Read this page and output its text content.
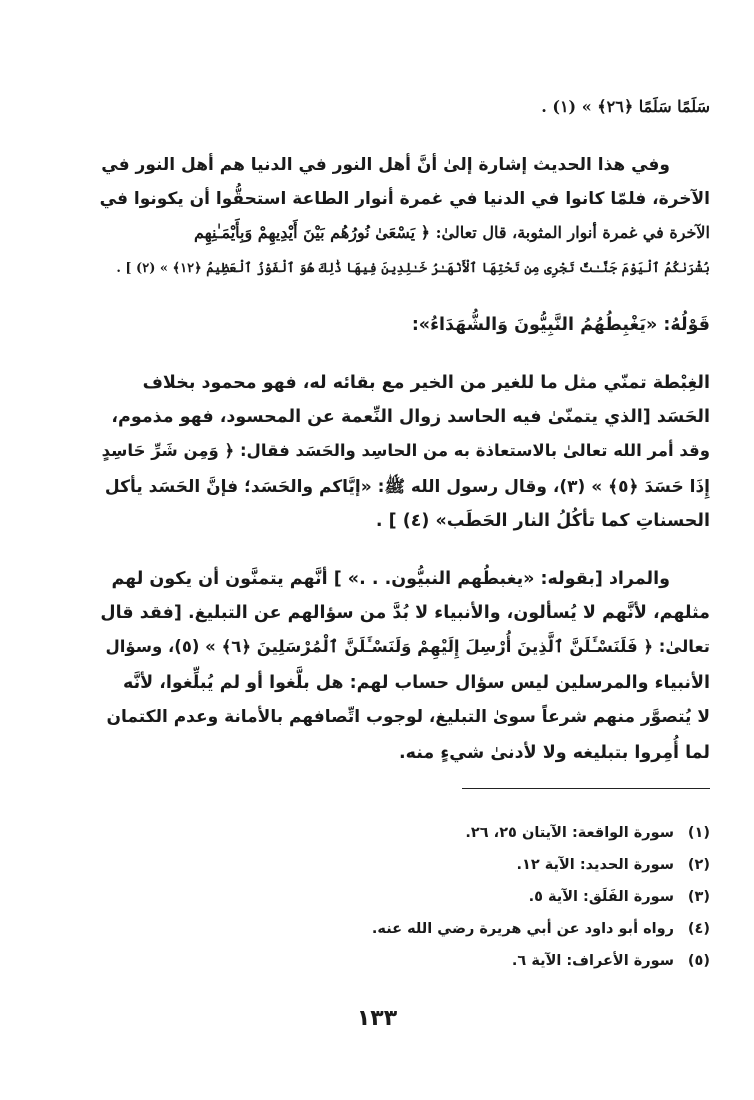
سَلَمًا سَلَمًا ﴿٢٦﴾ » (١) .
وفي هذا الحديث إشارة إلىٰ أنَّ أهل النور في الدنيا هم أهل النور في
الآخرة، فلمّا كانوا في الدنيا في غمرة أنوار الطاعة استحقُّوا أن يكونوا في
الآخرة في غمرة أنوار المثوبة، قال تعالىٰ: ﴿ يَسْعَىٰ نُورُهُم بَيْنَ أَيْدِيهِمْ وَبِأَيْمَـٰنِهِم
بُشْرَىٰكُمُ ٱلْيَوْمَ جَنَّـٰتٌ تَجْرِى مِن تَحْتِهَا ٱلْأَنْهَـٰرُ خَـٰلِدِينَ فِيهَا ذَٰلِكَ هُوَ ٱلْفَوْزُ ٱلْعَظِيمُ ﴿١٢﴾ » (٢) ] .
قَوْلُهُ: «يَغْبِطُهُمُ النَّبِيُّونَ وَالشُّهَدَاءُ»:
الغِبْطة تمنّي مثل ما للغير من الخير مع بقائه له، فهو محمود بخلاف
الحَسَد [الذي يتمنّىٰ فيه الحاسد زوال النِّعمة عن المحسود، فهو مذموم،
وقد أمر الله تعالىٰ بالاستعاذة به من الحاسِد والحَسَد فقال: ﴿ وَمِن شَرِّ حَاسِدٍ
إِذَا حَسَدَ ﴿٥﴾ » (٣)، وقال رسول الله ﷺ: «إيَّاكم والحَسَد؛ فإنَّ الحَسَد يأكل
الحسناتِ كما تأكُلُ النار الحَطَب» (٤) ] .
والمراد [بقوله: «يغبطُهم النبيُّون. . .» ] أنَّهم يتمنَّون أن يكون لهم
مثلهم، لأنَّهم لا يُسألون، والأنبياء لا بُدَّ من سؤالهم عن التبليغ. [فقد قال
تعالىٰ: ﴿ فَلَنَسْـَٔلَنَّ ٱلَّذِينَ أُرْسِلَ إِلَيْهِمْ وَلَنَسْـَٔلَنَّ ٱلْمُرْسَلِينَ ﴿٦﴾ » (٥)، وسؤال
الأنبياء والمرسلين ليس سؤال حساب لهم: هل بلَّغوا أو لم يُبلِّغوا، لأنَّه
لا يُتصوَّر منهم شرعاً سوىٰ التبليغ، لوجوب اتِّصافهم بالأمانة وعدم الكتمان
لما أُمِروا بتبليغه ولا لأدنىٰ شيءٍ منه.
(١)سورة الواقعة: الآيتان ٢٥، ٢٦.
(٢)سورة الحديد: الآية ١٢.
(٣)سورة الفَلَق: الآية ٥.
(٤)رواه أبو داود عن أبي هريرة رضي الله عنه.
(٥)سورة الأعراف: الآية ٦.
١٣٣
